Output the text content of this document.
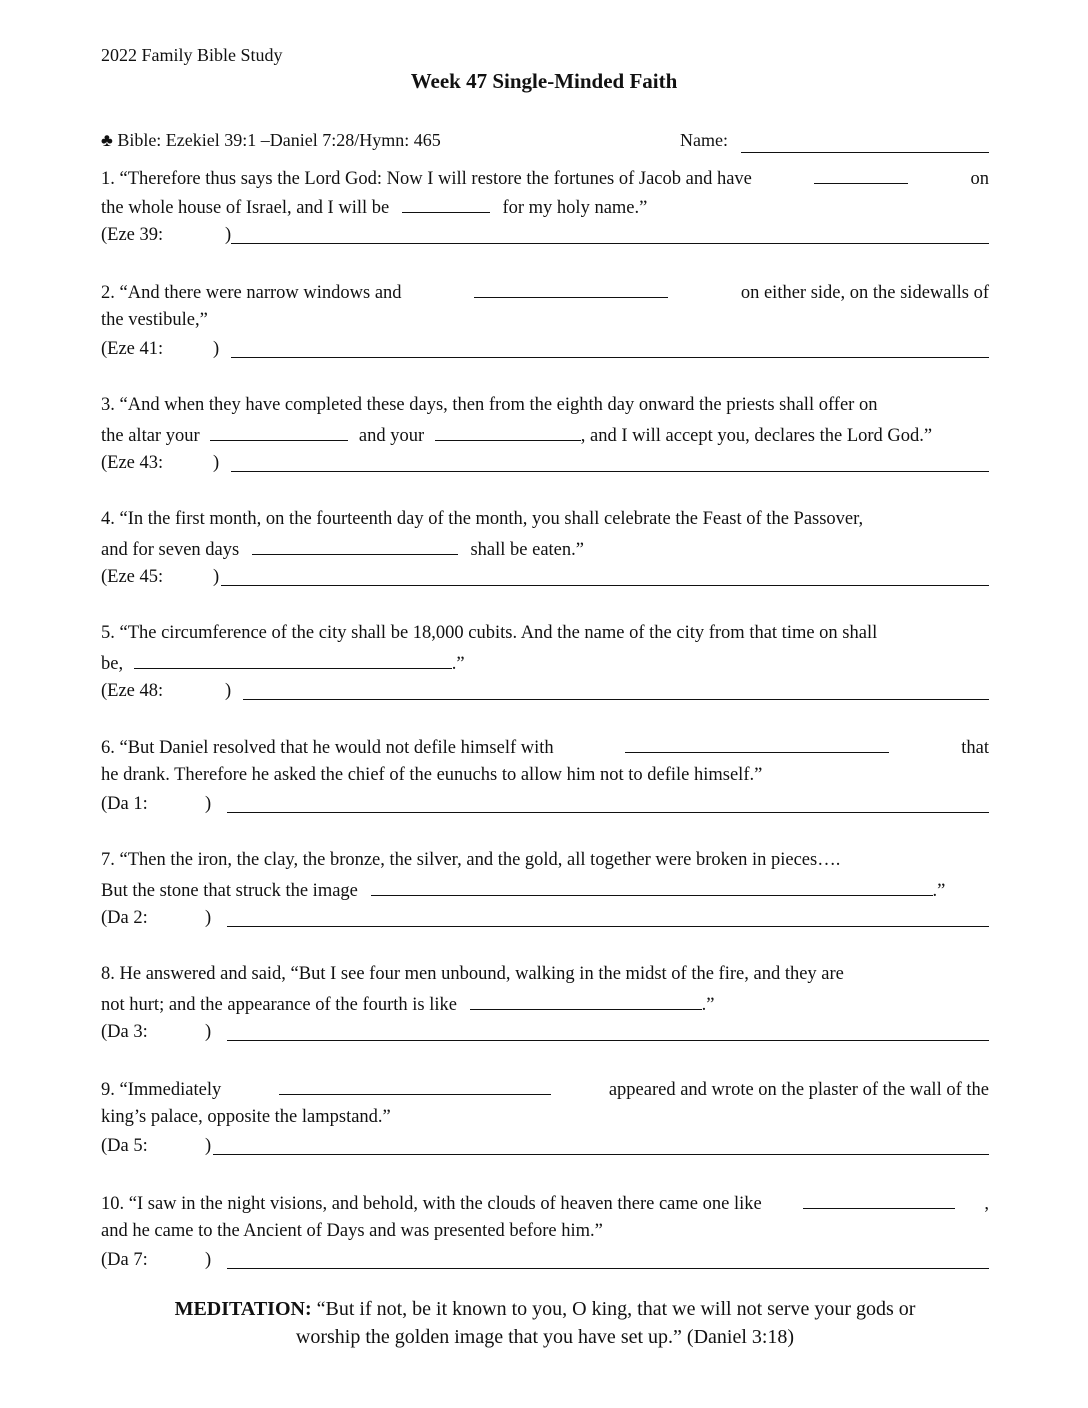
2022 Family Bible Study
Week 47 Single-Minded Faith
♣ Bible: Ezekiel 39:1 –Daniel 7:28/Hymn: 465	Name:
1. “Therefore thus says the Lord God: Now I will restore the fortunes of Jacob and have	on
the whole house of Israel, and I will be	for my holy name.”
(Eze 39:	)
2. “And there were narrow windows and	on either side, on the sidewalls of
the vestibule,”
(Eze 41:	)
3. “And when they have completed these days, then from the eighth day onward the priests shall offer on
the altar your	and your	, and I will accept you, declares the Lord God.”
(Eze 43:	)
4. “In the first month, on the fourteenth day of the month, you shall celebrate the Feast of the Passover,
and for seven days	shall be eaten.”
(Eze 45:	)
5. “The circumference of the city shall be 18,000 cubits. And the name of the city from that time on shall
be,	.”
(Eze 48:	)
6. “But Daniel resolved that he would not defile himself with	that
he drank. Therefore he asked the chief of the eunuchs to allow him not to defile himself.”
(Da 1:	)
7. “Then the iron, the clay, the bronze, the silver, and the gold, all together were broken in pieces….
But the stone that struck the image	.”
(Da 2:	)
8. He answered and said, “But I see four men unbound, walking in the midst of the fire, and they are
not hurt; and the appearance of the fourth is like	.”
(Da 3:	)
9. “Immediately	appeared and wrote on the plaster of the wall of the
king’s palace, opposite the lampstand.”
(Da 5:	)
10. “I saw in the night visions, and behold, with the clouds of heaven there came one like	,
and he came to the Ancient of Days and was presented before him.”
(Da 7:	)
MEDITATION: “But if not, be it known to you, O king, that we will not serve your gods or
worship the golden image that you have set up.” (Daniel 3:18)
